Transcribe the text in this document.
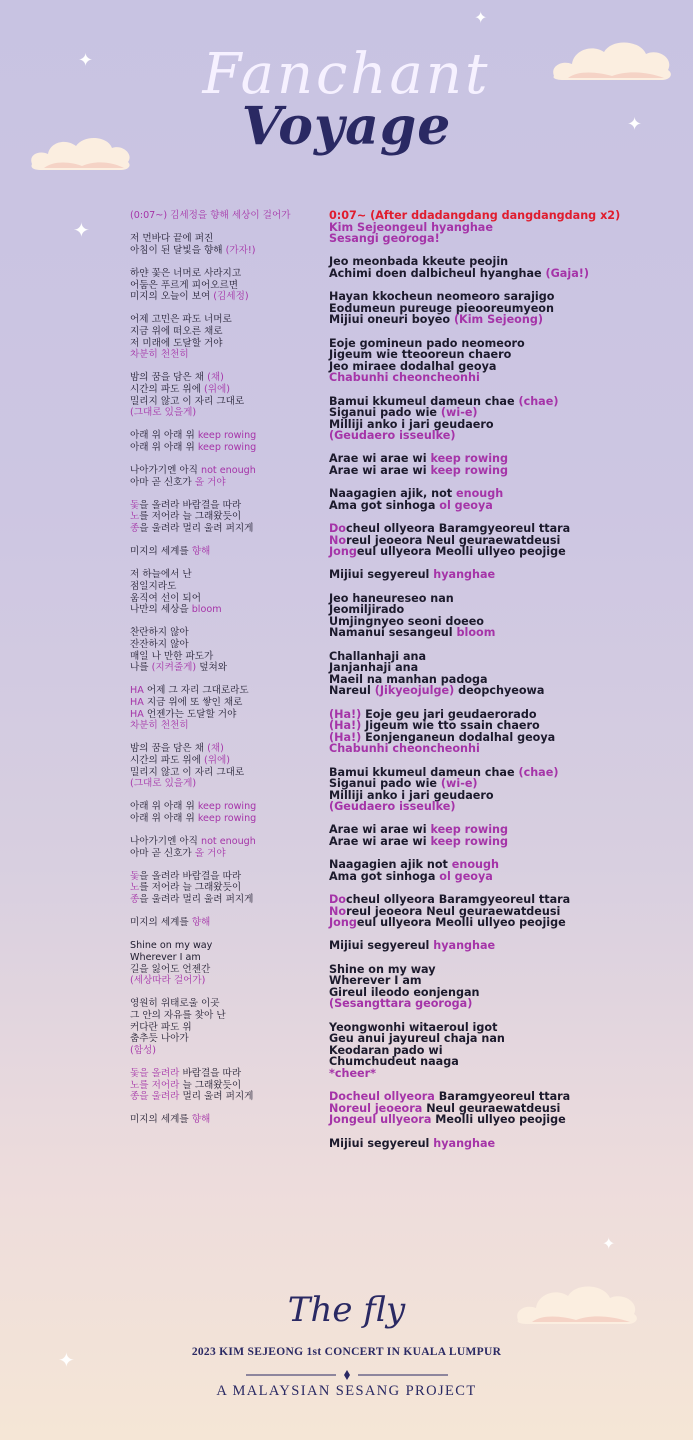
✦
✦
✦
✦
✦
✦
Fanchant
Voyage
(0:07~) 김세정을 향해 세상이 걸어가
저 먼바다 끝에 퍼진
아침이 된 달빛을 향해 (가자!)
하얀 꽃은 너머로 사라지고
어둠은 푸르게 피어오르면
미지의 오늘이 보여 (김세정)
어제 고민은 파도 너머로
지금 위에 떠오른 채로
저 미래에 도달할 거야
차분히 천천히
밤의 꿈을 담은 채 (채)
시간의 파도 위에 (위에)
밀리지 않고 이 자리 그대로
(그대로 있을게)
아래 위 아래 위 keep rowing
아래 위 아래 위 keep rowing
나아가기엔 아직 not enough
아마 곧 신호가 올 거야
돛을 올려라 바람결을 따라
노를 저어라 늘 그래왔듯이
종을 울려라 멀리 울려 퍼지게
미지의 세계를 향해
저 하늘에서 난
점일지라도
움직여 선이 되어
나만의 세상을 bloom
찬란하지 않아
잔잔하지 않아
매일 나 만한 파도가
나를 (지켜줄게) 덮쳐와
HA 어제 그 자리 그대로라도
HA 지금 위에 또 쌓인 채로
HA 언젠가는 도달할 거야
차분히 천천히
밤의 꿈을 담은 채 (채)
시간의 파도 위에 (위에)
밀리지 않고 이 자리 그대로
(그대로 있을게)
아래 위 아래 위 keep rowing
아래 위 아래 위 keep rowing
나아가기엔 아직 not enough
아마 곧 신호가 올 거야
돛을 올려라 바람결을 따라
노를 저어라 늘 그래왔듯이
종을 울려라 멀리 울려 퍼지게
미지의 세계를 향해
Shine on my way
Wherever I am
길을 잃어도 언젠간
(세상따라 걸어가)
영원히 위태로울 이곳
그 안의 자유를 찾아 난
커다란 파도 위
춤추듯 나아가
(함성)
돛을 올려라 바람결을 따라
노를 저어라 늘 그래왔듯이
종을 울려라 멀리 울려 퍼지게
미지의 세계를 향해
0:07~ (After ddadangdang dangdangdang x2)
Kim Sejeongeul hyanghae
Sesangi georoga!
Jeo meonbada kkeute peojin
Achimi doen dalbicheul hyanghae (Gaja!)
Hayan kkocheun neomeoro sarajigo
Eodumeun pureuge pieooreumyeon
Mijiui oneuri boyeo (Kim Sejeong)
Eoje gomineun pado neomeoro
Jigeum wie tteooreun chaero
Jeo miraee dodalhal geoya
Chabunhi cheoncheonhi
Bamui kkumeul dameun chae (chae)
Siganui pado wie (wi-e)
Milliji anko i jari geudaero
(Geudaero isseulke)
Arae wi arae wi keep rowing
Arae wi arae wi keep rowing
Naagagien ajik, not enough
Ama got sinhoga ol geoya
Docheul ollyeora Baramgyeoreul ttara
Noreul jeoeora Neul geuraewatdeusi
Jongeul ullyeora Meolli ullyeo peojige
Mijiui segyereul hyanghae
Jeo haneureseo nan
Jeomiljirado
Umjingnyeo seoni doeeo
Namanui sesangeul bloom
Challanhaji ana
Janjanhaji ana
Maeil na manhan padoga
Nareul (Jikyeojulge) deopchyeowa
(Ha!) Eoje geu jari geudaerorado
(Ha!) Jigeum wie tto ssain chaero
(Ha!) Eonjenganeun dodalhal geoya
Chabunhi cheoncheonhi
Bamui kkumeul dameun chae (chae)
Siganui pado wie (wi-e)
Milliji anko i jari geudaero
(Geudaero isseulke)
Arae wi arae wi keep rowing
Arae wi arae wi keep rowing
Naagagien ajik not enough
Ama got sinhoga ol geoya
Docheul ollyeora Baramgyeoreul ttara
Noreul jeoeora Neul geuraewatdeusi
Jongeul ullyeora Meolli ullyeo peojige
Mijiui segyereul hyanghae
Shine on my way
Wherever I am
Gireul ileodo eonjengan
(Sesangttara georoga)
Yeongwonhi witaeroul igot
Geu anui jayureul chaja nan
Keodaran pado wi
Chumchudeut naaga
*cheer*
Docheul ollyeora Baramgyeoreul ttara
Noreul jeoeora Neul geuraewatdeusi
Jongeul ullyeora Meolli ullyeo peojige
Mijiui segyereul hyanghae
The fly
2023 KIM SEJEONG 1st CONCERT IN KUALA LUMPUR
A MALAYSIAN SESANG PROJECT
